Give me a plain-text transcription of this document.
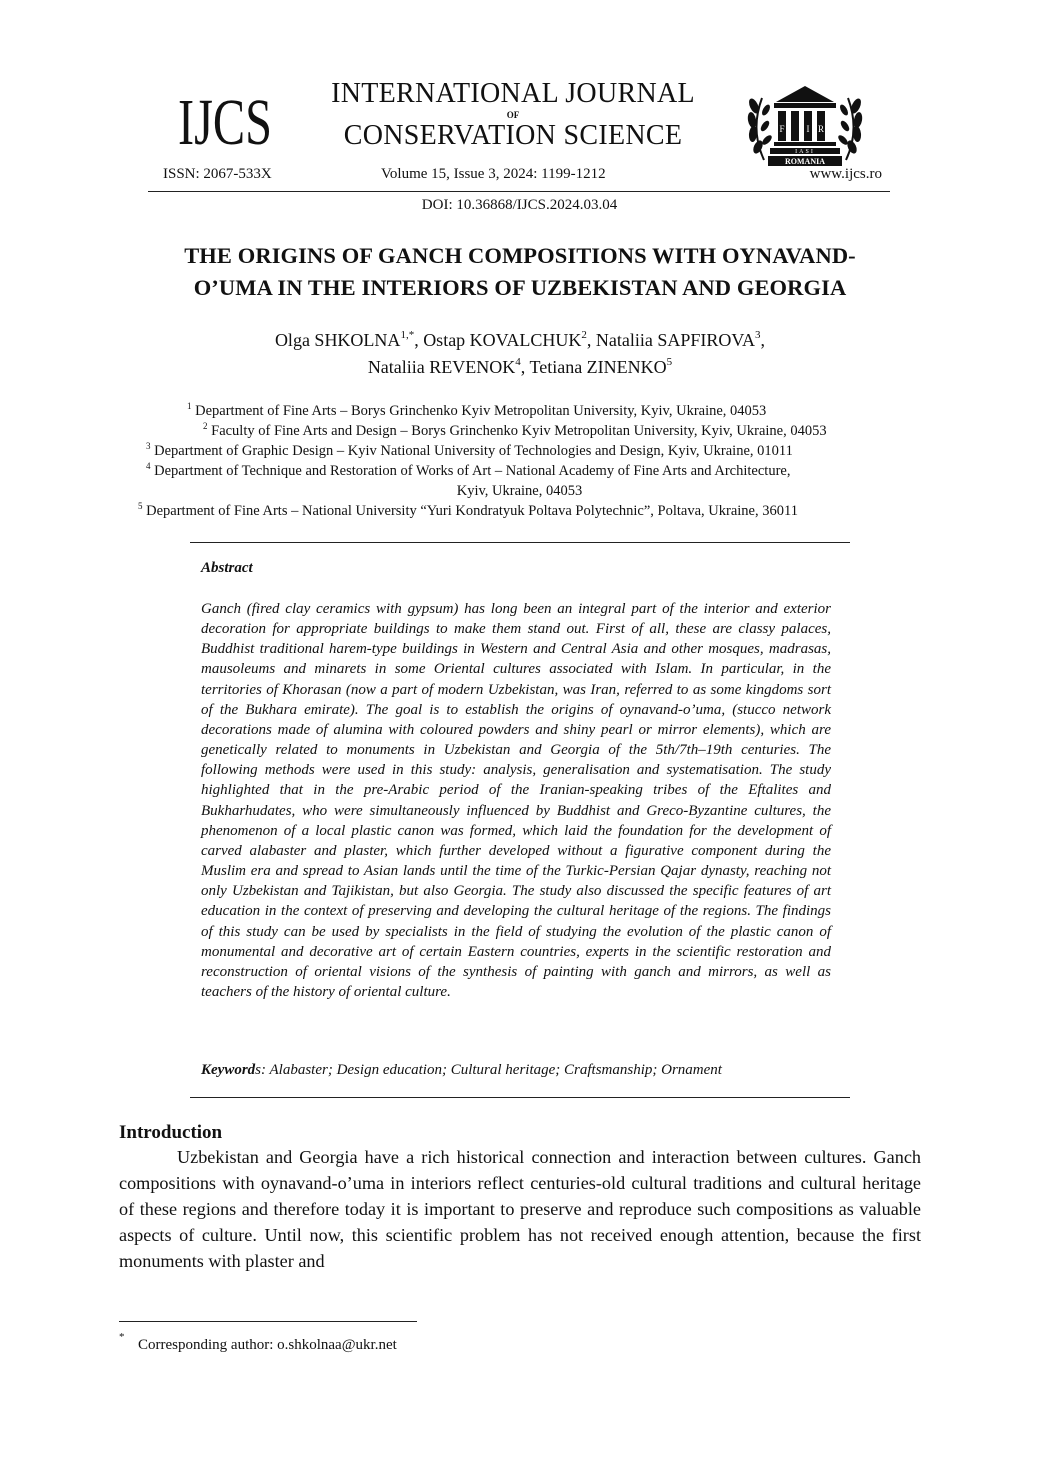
IJCS	INTERNATIONAL JOURNAL
OF
CONSERVATION SCIENCE	F I R
IASI
ROMANIA
ISSN: 2067-533X	Volume 15, Issue 3, 2024: 1199-1212	www.ijcs.ro
DOI: 10.36868/IJCS.2024.03.04
THE ORIGINS OF GANCH COMPOSITIONS WITH OYNAVAND-
O’UMA IN THE INTERIORS OF UZBEKISTAN AND GEORGIA
Olga $SHKOLNA^{1,*}$, Ostap KOVALCHUK$^2$, Nataliia SAPFIROVA$^3$,
Nataliia REVENOK$^4$, Tetiana ZINENKO$^5$
$^1$ Department of Fine Arts – Borys Grinchenko Kyiv Metropolitan University, Kyiv, Ukraine, 04053
$^2$ Faculty of Fine Arts and Design – Borys Grinchenko Kyiv Metropolitan University, Kyiv, Ukraine, 04053
$^3$ Department of Graphic Design – Kyiv National University of Technologies and Design, Kyiv, Ukraine, 01011
$^4$ Department of Technique and Restoration of Works of Art – National Academy of Fine Arts and Architecture,
Kyiv, Ukraine, 04053
$^5$ Department of Fine Arts – National University “Yuri Kondratyuk Poltava Polytechnic”, Poltava, Ukraine, 36011
Abstract
Ganch (fired clay ceramics with gypsum) has long been an integral part of the interior and exterior decoration for appropriate buildings to make them stand out. First of all, these are classy palaces, Buddhist traditional harem-type buildings in Western and Central Asia and other mosques, madrasas, mausoleums and minarets in some Oriental cultures associated with Islam. In particular, in the territories of Khorasan (now a part of modern Uzbekistan, was Iran, referred to as some kingdoms sort of the Bukhara emirate). The goal is to establish the origins of oynavand-o’uma, (stucco network decorations made of alumina with coloured powders and shiny pearl or mirror elements), which are genetically related to monuments in Uzbekistan and Georgia of the 5th/7th–19th centuries. The following methods were used in this study: analysis, generalisation and systematisation. The study highlighted that in the pre-Arabic period of the Iranian-speaking tribes of the Eftalites and Bukharhudates, who were simultaneously influenced by Buddhist and Greco-Byzantine cultures, the phenomenon of a local plastic canon was formed, which laid the foundation for the development of carved alabaster and plaster, which further developed without a figurative component during the Muslim era and spread to Asian lands until the time of the Turkic-Persian Qajar dynasty, reaching not only Uzbekistan and Tajikistan, but also Georgia. The study also discussed the specific features of art education in the context of preserving and developing the cultural heritage of the regions. The findings of this study can be used by specialists in the field of studying the evolution of the plastic canon of monumental and decorative art of certain Eastern countries, experts in the scientific restoration and reconstruction of oriental visions of the synthesis of painting with ganch and mirrors, as well as teachers of the history of oriental culture.
Keywords: Alabaster; Design education; Cultural heritage; Craftsmanship; Ornament
Introduction
Uzbekistan and Georgia have a rich historical connection and interaction between cultures. Ganch compositions with oynavand-o’uma in interiors reflect centuries-old cultural traditions and cultural heritage of these regions and therefore today it is important to preserve and reproduce such compositions as valuable aspects of culture. Until now, this scientific problem has not received enough attention, because the first monuments with plaster and
* Corresponding author: o.shkolnaa@ukr.net
